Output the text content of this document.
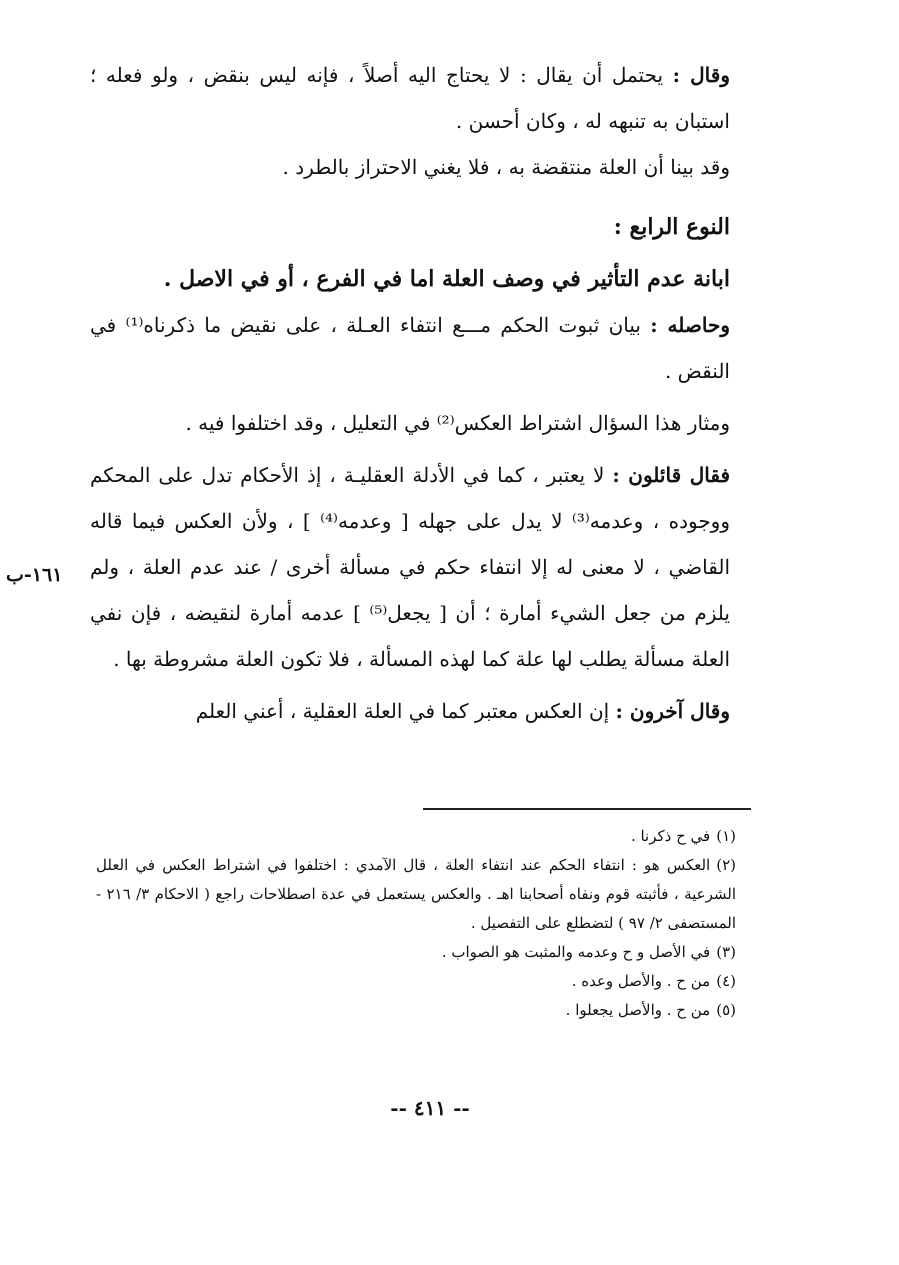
١٦١-ب

وقال : يحتمل أن يقال : لا يحتاج اليه أصلاً ، فإنه ليس بنقض ، ولو فعله ؛ استبان به تنبهه له ، وكان أحسن .

وقد بينا أن العلة منتقضة به ، فلا يغني الاحتراز بالطرد .

النوع الرابع :

ابانة عدم التأثير في وصف العلة اما في الفرع ، أو في الاصل .

وحاصله : بيان ثبوت الحكم مـــع انتفاء العـلة ، على نقيض ما ذكرناه⁽¹⁾ في النقض .

ومثار هذا السؤال اشتراط العكس⁽²⁾ في التعليل ، وقد اختلفوا فيه .

فقال قائلون : لا يعتبر ، كما في الأدلة العقليـة ، إذ الأحكام تدل على المحكم ووجوده ، وعدمه⁽³⁾ لا يدل على جهله [ وعدمه⁽⁴⁾ ] ، ولأن العكس فيما قاله القاضي ، لا معنى له إلا انتفاء حكم في مسألة أخرى / عند عدم العلة ، ولم يلزم من جعل الشيء أمارة ؛ أن [ يجعل⁽⁵⁾ ] عدمه أمارة لنقيضه ، فإن نفي العلة مسألة يطلب لها علة كما لهذه المسألة ، فلا تكون العلة مشروطة بها .

وقال آخرون : إن العكس معتبر كما في العلة العقلية ، أعني العلم

(١)في ح ذكرنا .

(٢)العكس هو : انتفاء الحكم عند انتفاء العلة ، قال الآمدي : اختلفوا في اشتراط العكس في العلل الشرعية ، فأثبته قوم ونفاه أصحابنا اهـ . والعكس يستعمل في عدة اصطلاحات راجع ( الاحكام ٣/ ٢١٦ - المستصفى ٢/ ٩٧ ) لتضطلع على التفصيل .

(٣)في الأصل و ح وعدمه والمثبت هو الصواب .

(٤)من ح . والأصل وعده .

(٥)من ح . والأصل يجعلوا .

-- ٤١١ --
